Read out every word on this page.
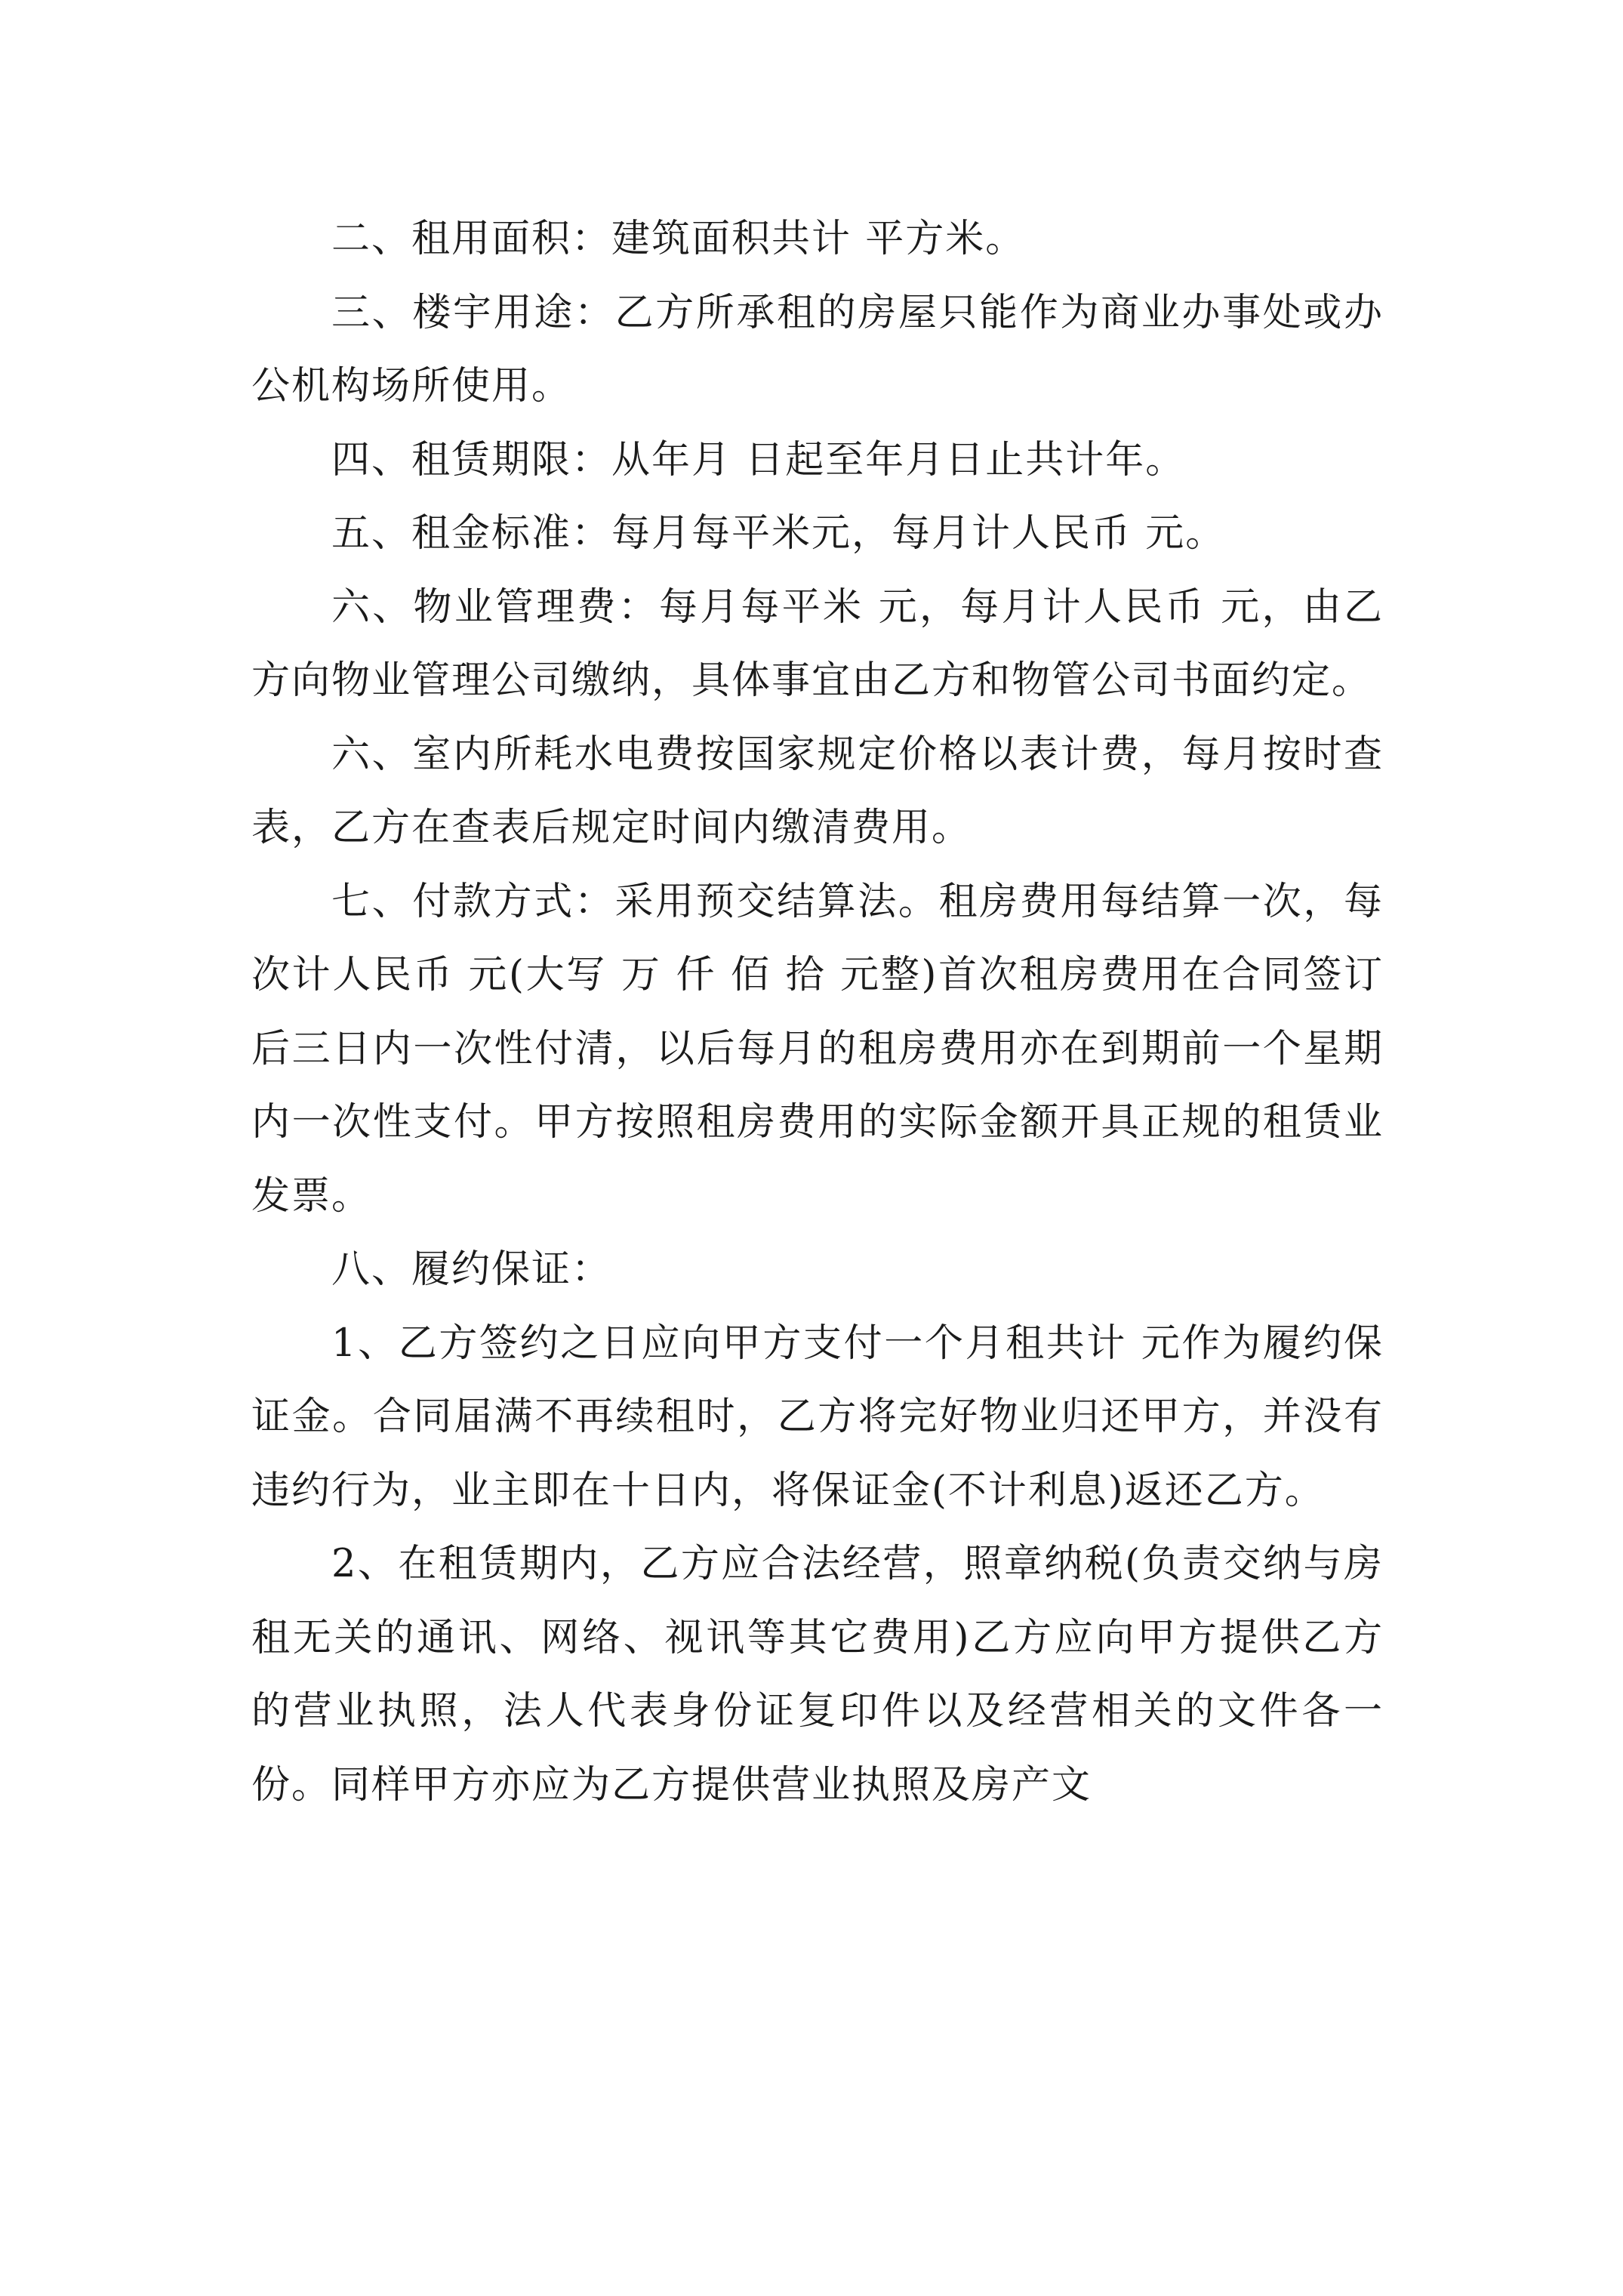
二、租用面积：建筑面积共计 平方米。

三、楼宇用途：乙方所承租的房屋只能作为商业办事处或办公机构场所使用。

四、租赁期限：从年月 日起至年月日止共计年。

五、租金标准：每月每平米元，每月计人民币 元。

六、物业管理费：每月每平米 元，每月计人民币 元，由乙方向物业管理公司缴纳，具体事宜由乙方和物管公司书面约定。

六、室内所耗水电费按国家规定价格以表计费，每月按时查表，乙方在查表后规定时间内缴清费用。

七、付款方式：采用预交结算法。租房费用每结算一次，每次计人民币 元(大写 万 仟 佰 拾 元整)首次租房费用在合同签订后三日内一次性付清，以后每月的租房费用亦在到期前一个星期内一次性支付。甲方按照租房费用的实际金额开具正规的租赁业发票。

八、履约保证：

1、乙方签约之日应向甲方支付一个月租共计 元作为履约保证金。合同届满不再续租时，乙方将完好物业归还甲方，并没有违约行为，业主即在十日内，将保证金(不计利息)返还乙方。

2、在租赁期内，乙方应合法经营，照章纳税(负责交纳与房租无关的通讯、网络、视讯等其它费用)乙方应向甲方提供乙方的营业执照，法人代表身份证复印件以及经营相关的文件各一份。同样甲方亦应为乙方提供营业执照及房产文
